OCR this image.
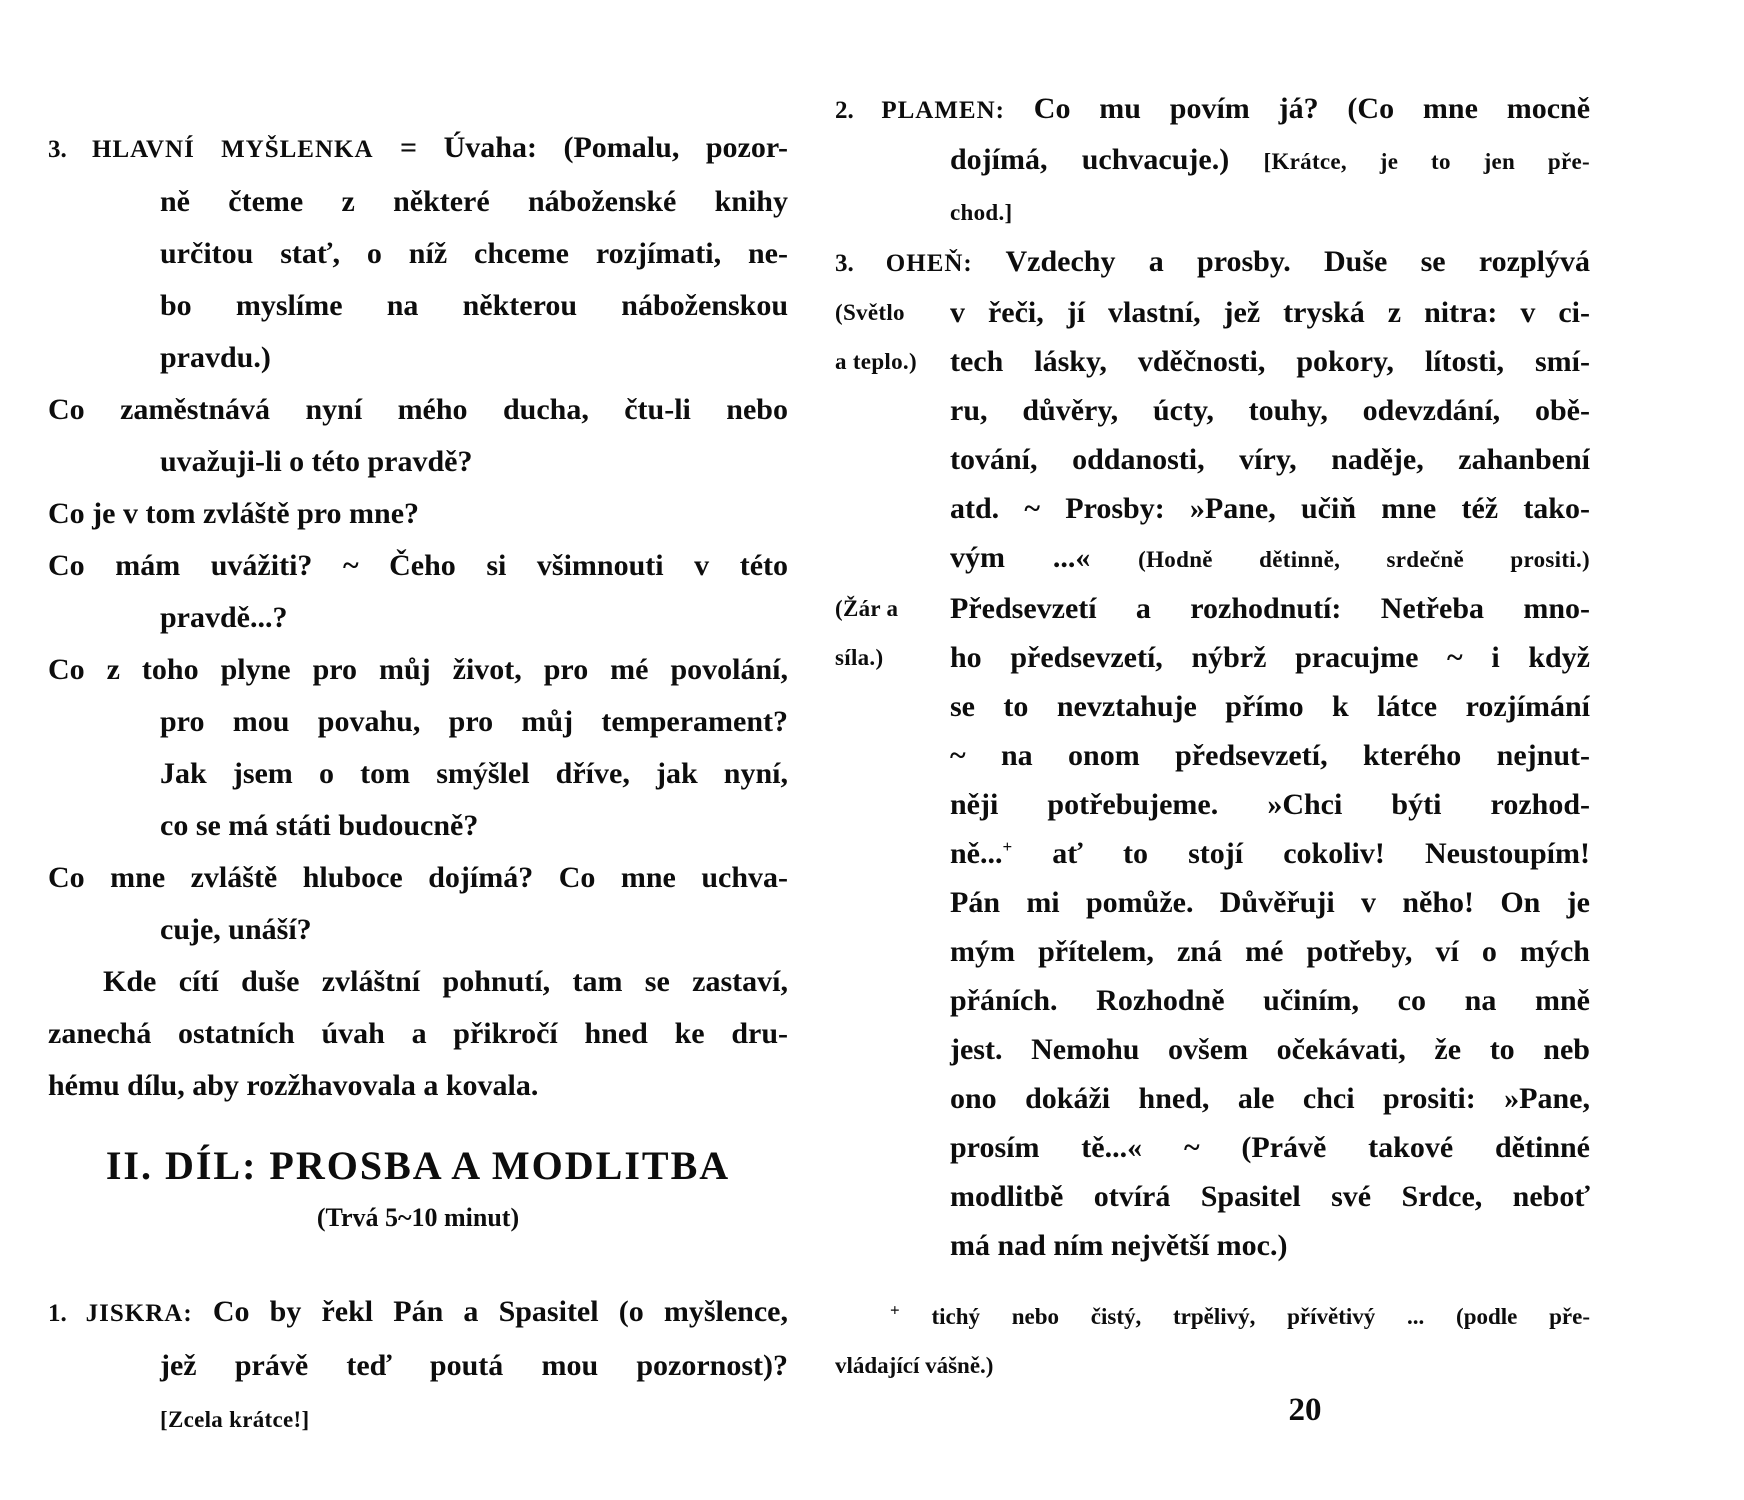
3. HLAVNÍ MYŠLENKA = Úvaha: (Pomalu, pozor-
ně čteme z některé náboženské knihy
určitou stať, o níž chceme rozjímati, ne-
bo myslíme na některou náboženskou
pravdu.)
Co zaměstnává nyní mého ducha, čtu-li nebo
uvažuji-li o této pravdě?
Co je v tom zvláště pro mne?
Co mám uvážiti? ~ Čeho si všimnouti v této
pravdě...?
Co z toho plyne pro můj život, pro mé povolání,
pro mou povahu, pro můj temperament?
Jak jsem o tom smýšlel dříve, jak nyní,
co se má státi budoucně?
Co mne zvláště hluboce dojímá? Co mne uchva-
cuje, unáší?
Kde cítí duše zvláštní pohnutí, tam se zastaví,
zanechá ostatních úvah a přikročí hned ke dru-
hému dílu, aby rozžhavovala a kovala.
II. DÍL: PROSBA A MODLITBA
(Trvá 5~10 minut)
1. JISKRA: Co by řekl Pán a Spasitel (o myšlence,
jež právě teď poutá mou pozornost)?
[Zcela krátce!]
2. PLAMEN: Co mu povím já? (Co mne mocně
dojímá, uchvacuje.) [Krátce, je to jen pře-
chod.]
3. OHEŇ: Vzdechy a prosby. Duše se rozplývá
(Světlo	v řeči, jí vlastní, jež tryská z nitra: v ci-
a teplo.)	tech lásky, vděčnosti, pokory, lítosti, smí-
ru, důvěry, úcty, touhy, odevzdání, obě-
tování, oddanosti, víry, naděje, zahanbení
atd. ~ Prosby: »Pane, učiň mne též tako-
vým ...« (Hodně dětinně, srdečně prositi.)
(Žár a	Předsevzetí a rozhodnutí: Netřeba mno-
síla.)	ho předsevzetí, nýbrž pracujme ~ i když
se to nevztahuje přímo k látce rozjímání
~ na onom předsevzetí, kterého nejnut-
něji potřebujeme. »Chci býti rozhod-
ně...+ ať to stojí cokoliv! Neustoupím!
Pán mi pomůže. Důvěřuji v něho! On je
mým přítelem, zná mé potřeby, ví o mých
přáních. Rozhodně učiním, co na mně
jest. Nemohu ovšem očekávati, že to neb
ono dokáži hned, ale chci prositi: »Pane,
prosím tě...« ~ (Právě takové dětinné
modlitbě otvírá Spasitel své Srdce, neboť
má nad ním největší moc.)
+ tichý nebo čistý, trpělivý, přívětivý ... (podle pře-
vládající vášně.)
20
